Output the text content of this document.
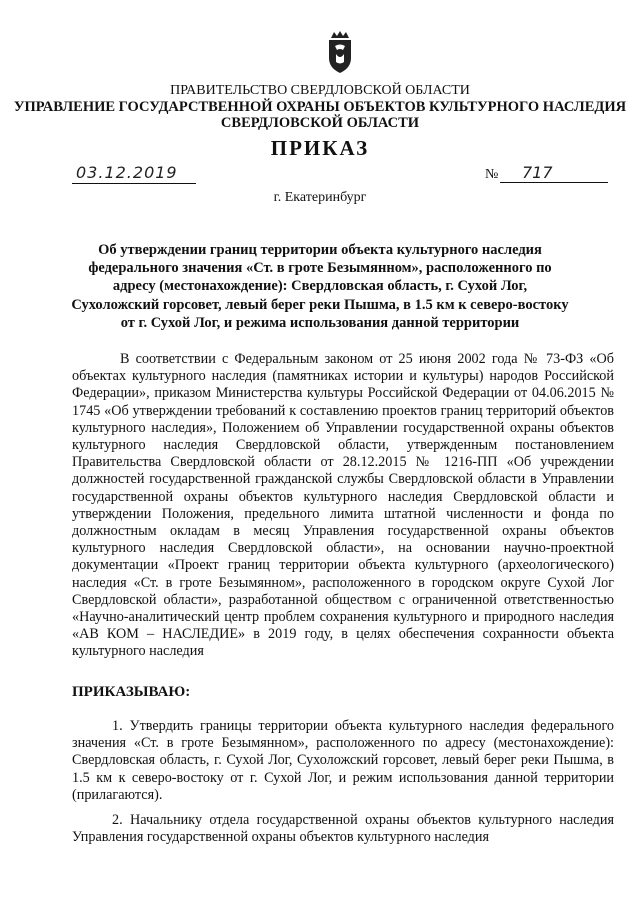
ПРАВИТЕЛЬСТВО СВЕРДЛОВСКОЙ ОБЛАСТИ
УПРАВЛЕНИЕ ГОСУДАРСТВЕННОЙ ОХРАНЫ ОБЪЕКТОВ КУЛЬТУРНОГО НАСЛЕДИЯ СВЕРДЛОВСКОЙ ОБЛАСТИ
ПРИКАЗ
03.12.2019	№	717
г. Екатеринбург
Об утверждении границ территории объекта культурного наследия федерального значения «Ст. в гроте Безымянном», расположенного по адресу (местонахождение): Свердловская область, г. Сухой Лог, Сухоложский горсовет, левый берег реки Пышма, в 1.5 км к северо-востоку от г. Сухой Лог, и режима использования данной территории
В соответствии с Федеральным законом от 25 июня 2002 года № 73-ФЗ «Об объектах культурного наследия (памятниках истории и культуры) народов Российской Федерации», приказом Министерства культуры Российской Федерации от 04.06.2015 № 1745 «Об утверждении требований к составлению проектов границ территорий объектов культурного наследия», Положением об Управлении государственной охраны объектов культурного наследия Свердловской области, утвержденным постановлением Правительства Свердловской области от 28.12.2015 № 1216-ПП «Об учреждении должностей государственной гражданской службы Свердловской области в Управлении государственной охраны объектов культурного наследия Свердловской области и утверждении Положения, предельного лимита штатной численности и фонда по должностным окладам в месяц Управления государственной охраны объектов культурного наследия Свердловской области», на основании научно-проектной документации «Проект границ территории объекта культурного (археологического) наследия «Ст. в гроте Безымянном», расположенного в городском округе Сухой Лог Свердловской области», разработанной обществом с ограниченной ответственностью «Научно-аналитический центр проблем сохранения культурного и природного наследия «АВ КОМ – НАСЛЕДИЕ» в 2019 году, в целях обеспечения сохранности объекта культурного наследия
ПРИКАЗЫВАЮ:
1. Утвердить границы территории объекта культурного наследия федерального значения «Ст. в гроте Безымянном», расположенного по адресу (местонахождение): Свердловская область, г. Сухой Лог, Сухоложский горсовет, левый берег реки Пышма, в 1.5 км к северо-востоку от г. Сухой Лог, и режим использования данной территории (прилагаются).
2. Начальнику отдела государственной охраны объектов культурного наследия Управления государственной охраны объектов культурного наследия
